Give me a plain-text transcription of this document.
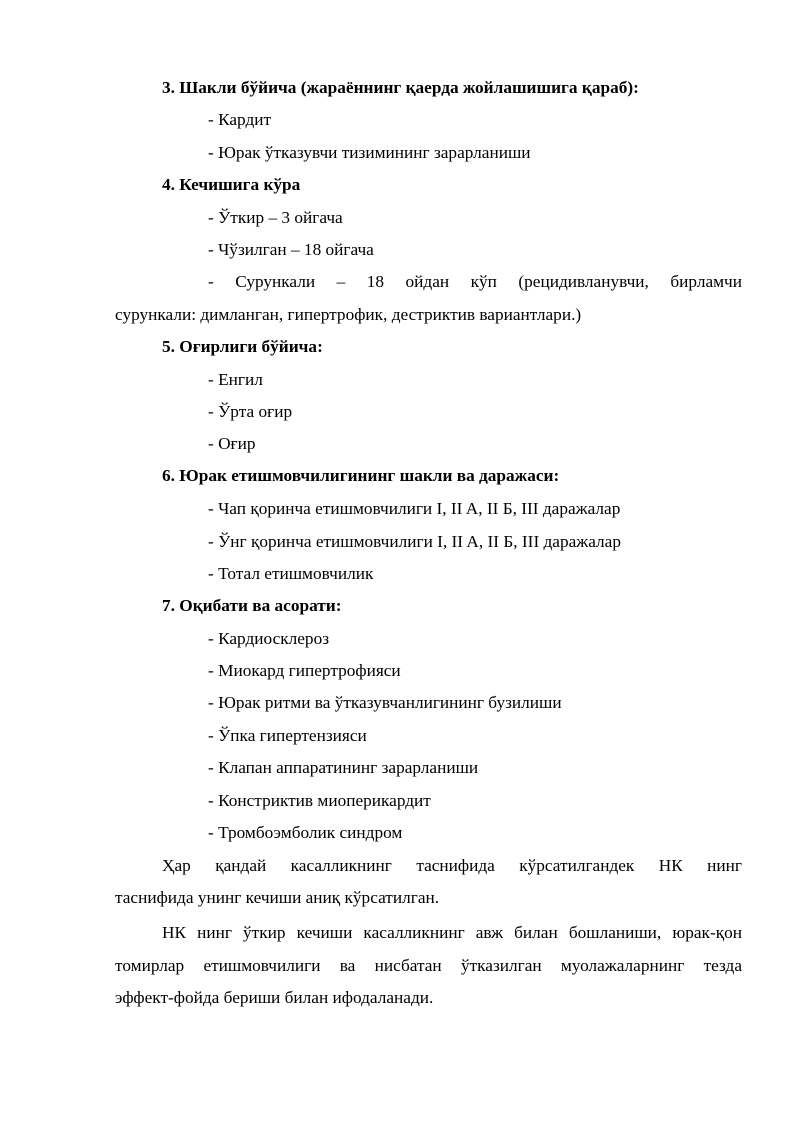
3. Шакли бўйича (жараённинг қаерда жойлашишига қараб):
- Кардит
- Юрак ўтказувчи тизимининг зарарланиши
4. Кечишига кўра
- Ўткир – 3 ойгача
- Чўзилган – 18 ойгача
- Сурункали – 18 ойдан кўп (рецидивланувчи, бирламчи
сурункали: димланган, гипертрофик, дестриктив вариантлари.)
5. Оғирлиги бўйича:
- Енгил
- Ўрта оғир
- Оғир
6. Юрак етишмовчилигининг шакли ва даражаси:
- Чап қоринча етишмовчилиги I, II A, II Б, III даражалар
- Ўнг қоринча етишмовчилиги I, II A, II Б, III даражалар
- Тотал етишмовчилик
7. Оқибати ва асорати:
- Кардиосклероз
- Миокард гипертрофияси
- Юрак ритми ва ўтказувчанлигининг бузилиши
- Ўпка гипертензияси
- Клапан аппаратининг зарарланиши
- Констриктив миоперикардит
- Тромбоэмболик синдром
Ҳар қандай касалликнинг таснифида кўрсатилгандек НК нинг
таснифида унинг кечиши аниқ кўрсатилган.
НК нинг ўткир кечиши касалликнинг авж билан бошланиши, юрак-қон
томирлар етишмовчилиги ва нисбатан ўтказилган муолажаларнинг тезда
эффект-фойда бериши билан ифодаланади.
